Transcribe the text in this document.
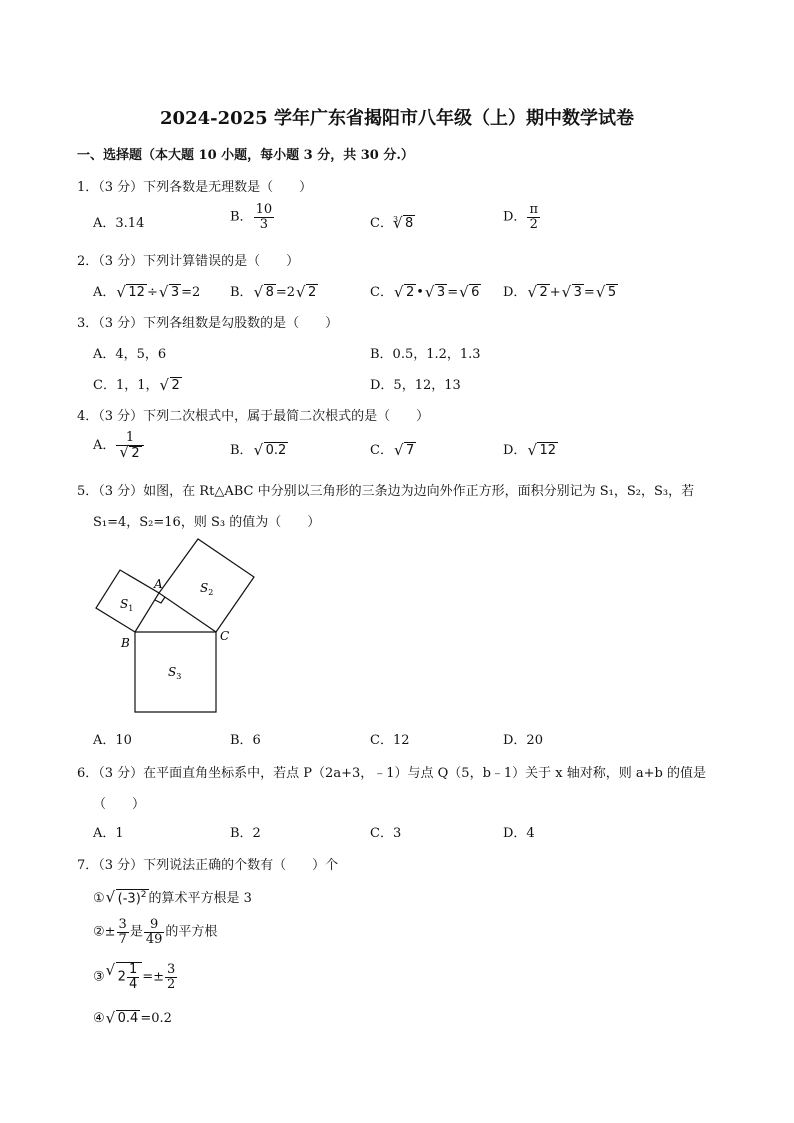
2024-2025 学年广东省揭阳市八年级（上）期中数学试卷
一、选择题（本大题 10 小题，每小题 3 分，共 30 分.）
1．（3 分）下列各数是无理数是（　　）
A．3.14	B． $\frac{10}{3}$	C．$^3$ √ 8	D． $\frac{\pi}{2}$
2．（3 分）下列计算错误的是（　　）
A． √ 12 ÷ √ 3 =2 B． √ 8 =2 √ 2	C． √ 2 • √ 3 = √ 6 D． √ 2 + √ 3 = √ 5
3．（3 分）下列各组数是勾股数的是（　　）
A．4，5，6	B．0.5，1.2，1.3
C．1，1， √ 2	D．5，12，13
4．（3 分）下列二次根式中，属于最简二次根式的是（　　）
A． 1
√ 2	B． √ 0.2	C． √ 7	D． √ 12
5．（3 分）如图，在 Rt△ABC 中分别以三角形的三条边为边向外作正方形，面积分别记为 S₁，S₂，S₃，若
S₁=4，S₂=16，则 S₃ 的值为（　　）
A
B	C
$S_1$
$S_2$
$S_3$
A．10	B．6	C．12	D．20
6．（3 分）在平面直角坐标系中，若点 P（2a+3，﹣1）与点 Q（5，b﹣1）关于 x 轴对称，则 a+b 的值是
（　　）
A．1	B．2	C．3	D．4
7．（3 分）下列说法正确的个数有（　　）个
① √ $(-3)^2$ 的算术平方根是 3
②± $\frac{3}{7}$ 是 $\frac{9}{49}$ 的平方根
③ √ $2 \frac{1}{4} =\pm \frac{3}{2}$
④ √ 0.4 =0.2
